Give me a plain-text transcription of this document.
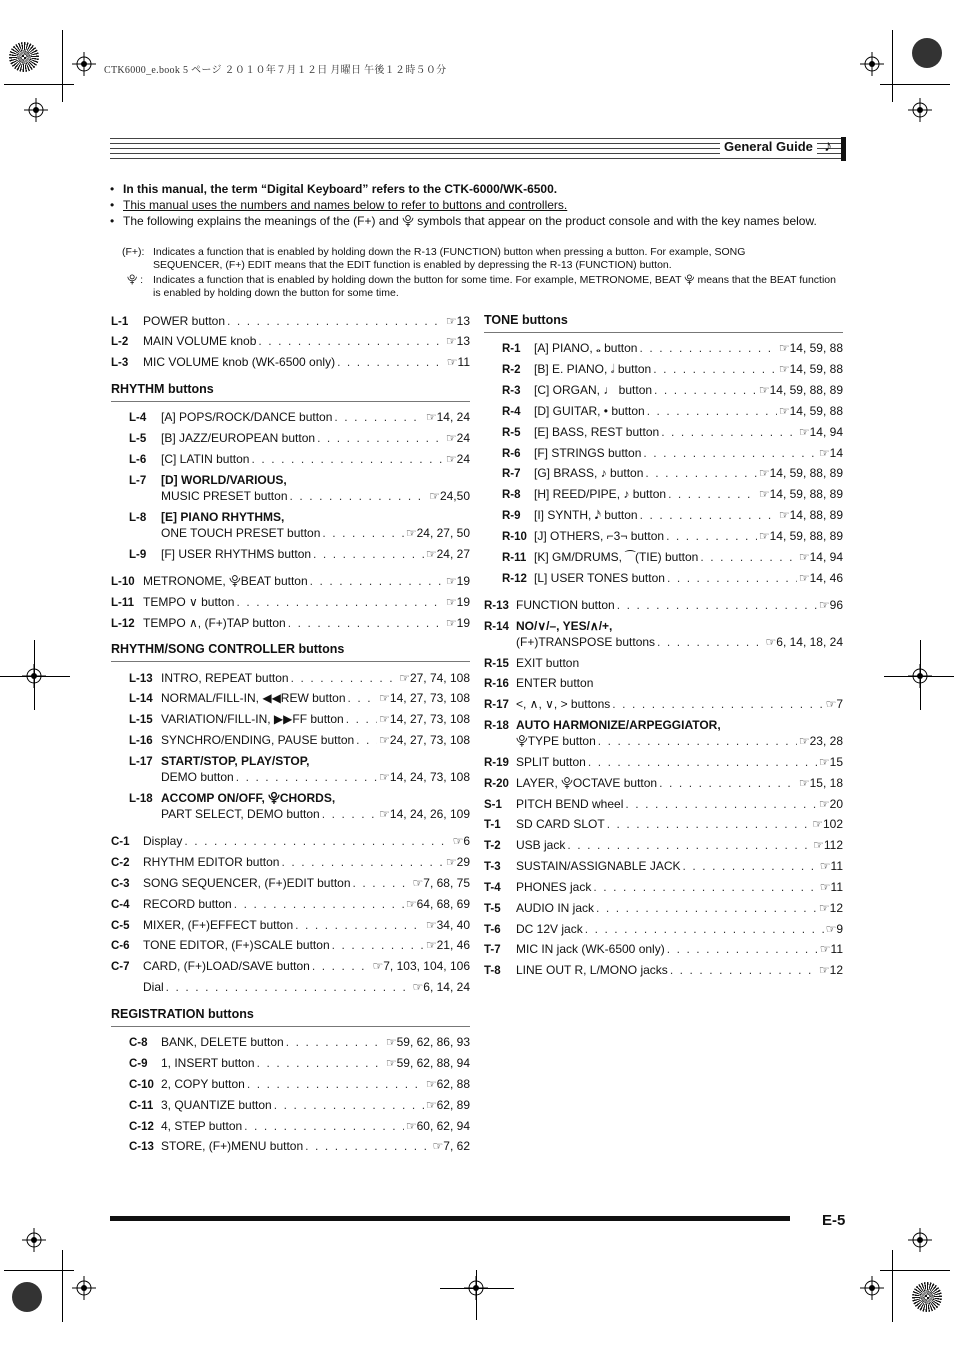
CTK6000_e.book 5 ページ ２０１０年７月１２日 月曜日 午後１２時５０分
General Guide ♪
• In this manual, the term “Digital Keyboard” refers to the CTK-6000/WK-6500.
• This manual uses the numbers and names below to refer to buttons and controllers.
• The following explains the meanings of the (F+) and ⯓ symbols that appear on the product console and with the key names below.
(F+): Indicates a function that is enabled by holding down the R-13 (FUNCTION) button when pressing a button. For example, SONG SEQUENCER, (F+) EDIT means that the EDIT function is enabled by depressing the R-13 (FUNCTION) button.
⯓ : Indicates a function that is enabled by holding down the button for some time. For example, METRONOME, BEAT ⯓ means that the BEAT function is enabled by holding down the button for some time.
L-1	POWER button . . .	☞13
L-2	MAIN VOLUME knob . . .	☞13
L-3	MIC VOLUME knob (WK-6500 only) . . .	☞11
RHYTHM buttons
L-4	[A] POPS/ROCK/DANCE button . . .	☞14, 24
L-5	[B] JAZZ/EUROPEAN button . . .	☞24
L-6	[C] LATIN button . . .	☞24
L-7	[D] WORLD/VARIOUS,
MUSIC PRESET button . . .	☞24,50
L-8	[E] PIANO RHYTHMS,
ONE TOUCH PRESET button . . .	☞24, 27, 50
L-9	[F] USER RHYTHMS button . . .	☞24, 27
L-10 METRONOME, ⯓BEAT button . . .	☞19
L-11 TEMPO ∨ button . . .	☞19
L-12 TEMPO ∧, (F+)TAP button . . .	☞19
RHYTHM/SONG CONTROLLER buttons
L-13 INTRO, REPEAT button . . .	☞27, 74, 108
L-14 NORMAL/FILL-IN, ◀◀REW button . . .	☞14, 27, 73, 108
L-15 VARIATION/FILL-IN, ▶▶FF button . . .	☞14, 27, 73, 108
L-16 SYNCHRO/ENDING, PAUSE button . . . ☞24, 27, 73, 108
L-17 START/STOP, PLAY/STOP,
DEMO button . . .	☞14, 24, 73, 108
L-18 ACCOMP ON/OFF, ⯓CHORDS,
PART SELECT, DEMO button . . .	☞14, 24, 26, 109
C-1	Display . . .	☞6
C-2	RHYTHM EDITOR button . . .	☞29
C-3	SONG SEQUENCER, (F+)EDIT button . . .	☞7, 68, 75
C-4	RECORD button . . .	☞64, 68, 69
C-5	MIXER, (F+)EFFECT button . . .	☞34, 40
C-6	TONE EDITOR, (F+)SCALE button . . .	☞21, 46
C-7	CARD, (F+)LOAD/SAVE button . . .	☞7, 103, 104, 106
Dial . . .	☞6, 14, 24
REGISTRATION buttons
C-8	BANK, DELETE button . . .	☞59, 62, 86, 93
C-9	1, INSERT button . . .	☞59, 62, 88, 94
C-10 2, COPY button . . .	☞62, 88
C-11 3, QUANTIZE button . . .	☞62, 89
C-12 4, STEP button . . .	☞60, 62, 94
C-13 STORE, (F+)MENU button . . .	☞7, 62
TONE buttons
R-1	[A] PIANO, 𝅝 button . . .	☞14, 59, 88
R-2	[B] E. PIANO, 𝅗𝅥 button . . .	☞14, 59, 88
R-3	[C] ORGAN, ♩ button . . .	☞14, 59, 88, 89
R-4	[D] GUITAR, • button . . .	☞14, 59, 88
R-5	[E] BASS, REST button . . .	☞14, 94
R-6	[F] STRINGS button . . .	☞14
R-7	[G] BRASS, ♪ button . . .	☞14, 59, 88, 89
R-8	[H] REED/PIPE, ♪ button . . .	☞14, 59, 88, 89
R-9	[I] SYNTH, 𝅘𝅥𝅯 button . . .	☞14, 88, 89
R-10 [J] OTHERS, ⌐3¬ button . . .	☞14, 59, 88, 89
R-11 [K] GM/DRUMS, ⁀(TIE) button . . .	☞14, 94
R-12 [L] USER TONES button . . .	☞14, 46
R-13 FUNCTION button . . .	☞96
R-14 NO/∨/–, YES/∧/+,
(F+)TRANSPOSE buttons . . .	☞6, 14, 18, 24
R-15 EXIT button
R-16 ENTER button
R-17 <, ∧, ∨, > buttons . . .	☞7
R-18 AUTO HARMONIZE/ARPEGGIATOR,
⯓TYPE button . . .	☞23, 28
R-19 SPLIT button . . .	☞15
R-20 LAYER, ⯓OCTAVE button . . .	☞15, 18
S-1	PITCH BEND wheel . . .	☞20
T-1	SD CARD SLOT . . .	☞102
T-2	USB jack . . .	☞112
T-3	SUSTAIN/ASSIGNABLE JACK . . .	☞11
T-4	PHONES jack . . .	☞11
T-5	AUDIO IN jack . . .	☞12
T-6	DC 12V jack . . .	☞9
T-7	MIC IN jack (WK-6500 only) . . .	☞11
T-8	LINE OUT R, L/MONO jacks . . .	☞12
E-5
